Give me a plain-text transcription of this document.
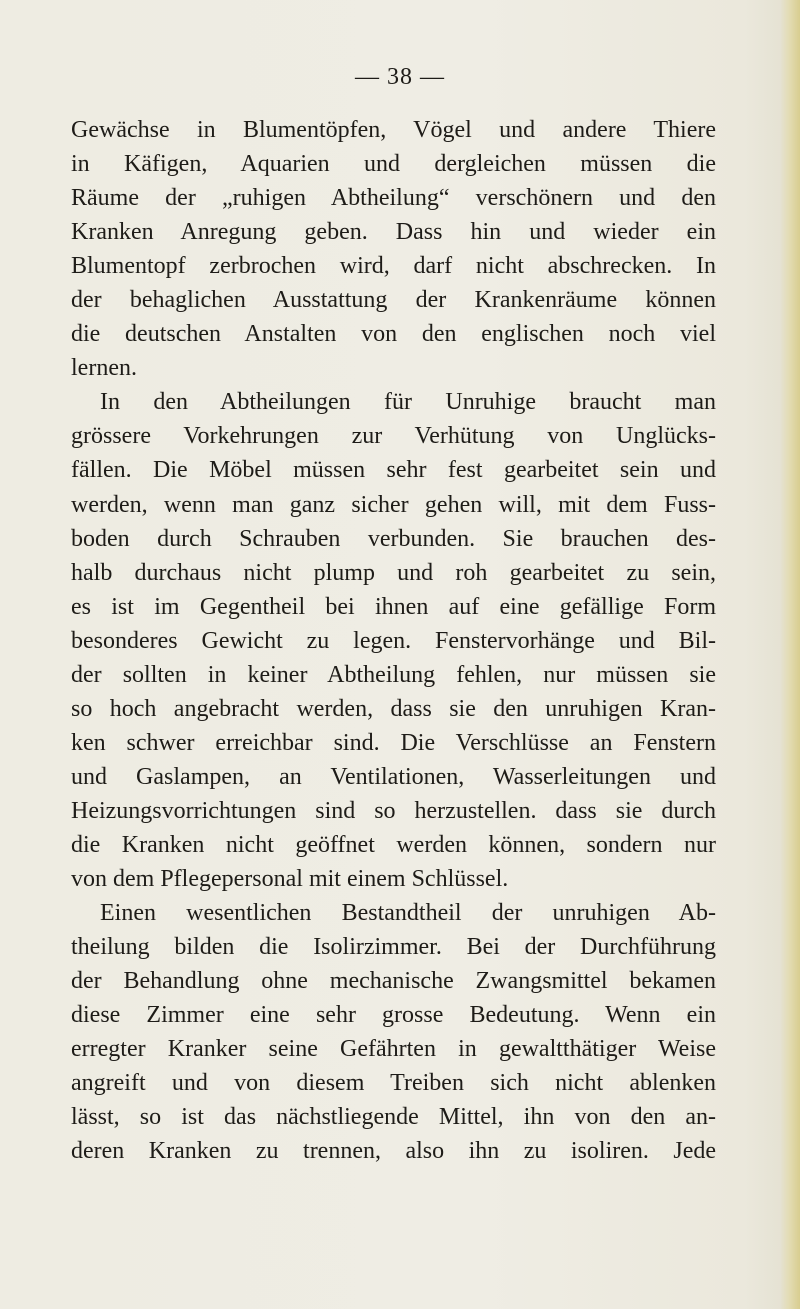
— 38 —
Gewächse in Blumentöpfen, Vögel und andere Thiere
in Käfigen, Aquarien und dergleichen müssen die
Räume der „ruhigen Abtheilung“ verschönern und den
Kranken Anregung geben. Dass hin und wieder ein
Blumentopf zerbrochen wird, darf nicht abschrecken. In
der behaglichen Ausstattung der Krankenräume können
die deutschen Anstalten von den englischen noch viel
lernen.
In den Abtheilungen für Unruhige braucht man
grössere Vorkehrungen zur Verhütung von Unglücks-
fällen. Die Möbel müssen sehr fest gearbeitet sein und
werden, wenn man ganz sicher gehen will, mit dem Fuss-
boden durch Schrauben verbunden. Sie brauchen des-
halb durchaus nicht plump und roh gearbeitet zu sein,
es ist im Gegentheil bei ihnen auf eine gefällige Form
besonderes Gewicht zu legen. Fenstervorhänge und Bil-
der sollten in keiner Abtheilung fehlen, nur müssen sie
so hoch angebracht werden, dass sie den unruhigen Kran-
ken schwer erreichbar sind. Die Verschlüsse an Fenstern
und Gaslampen, an Ventilationen, Wasserleitungen und
Heizungsvorrichtungen sind so herzustellen. dass sie durch
die Kranken nicht geöffnet werden können, sondern nur
von dem Pflegepersonal mit einem Schlüssel.
Einen wesentlichen Bestandtheil der unruhigen Ab-
theilung bilden die Isolirzimmer. Bei der Durchführung
der Behandlung ohne mechanische Zwangsmittel bekamen
diese Zimmer eine sehr grosse Bedeutung. Wenn ein
erregter Kranker seine Gefährten in gewaltthätiger Weise
angreift und von diesem Treiben sich nicht ablenken
lässt, so ist das nächstliegende Mittel, ihn von den an-
deren Kranken zu trennen, also ihn zu isoliren. Jede
